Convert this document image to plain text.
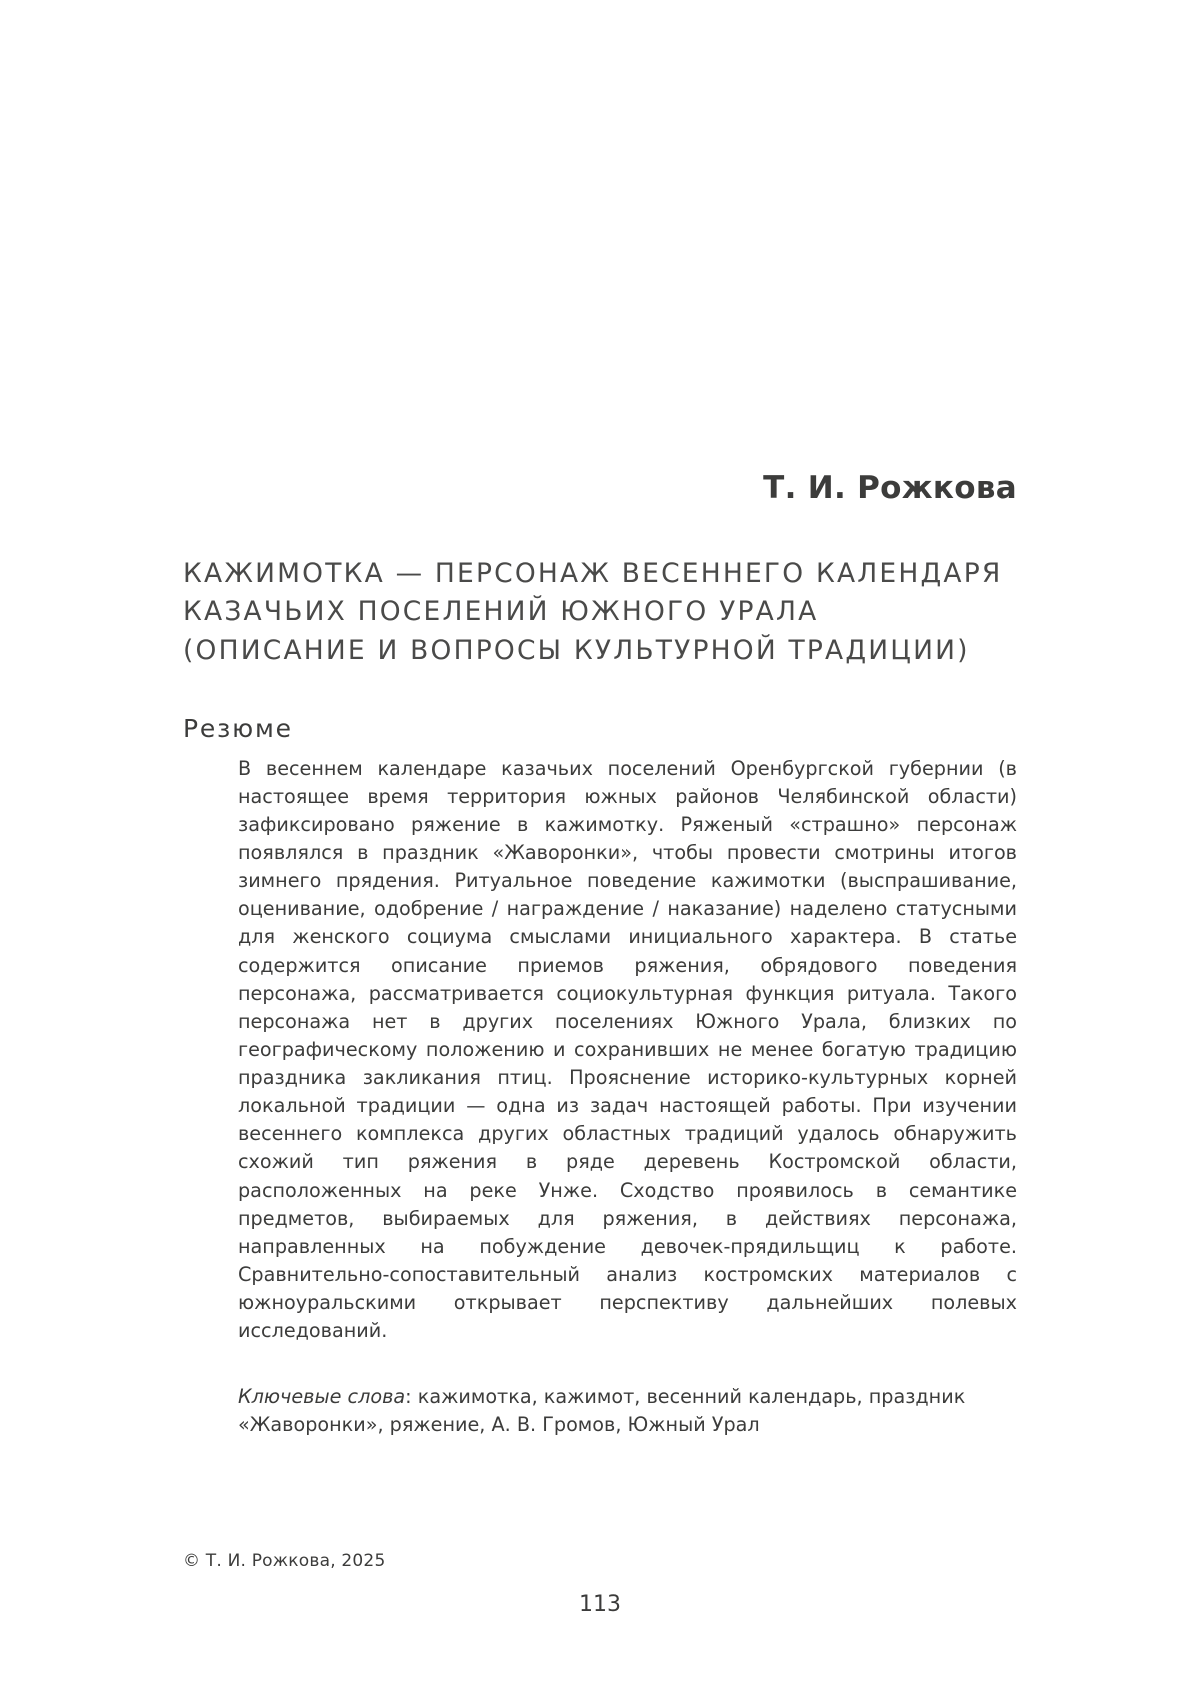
Т. И. Рожкова
КАЖИМОТКА — ПЕРСОНАЖ ВЕСЕННЕГО КАЛЕНДАРЯ
КАЗАЧЬИХ ПОСЕЛЕНИЙ ЮЖНОГО УРАЛА
(ОПИСАНИЕ И ВОПРОСЫ КУЛЬТУРНОЙ ТРАДИЦИИ)
Резюме

В весеннем календаре казачьих поселений Оренбургской губернии (в настоящее время территория южных районов Челябинской области) зафиксировано ряжение в кажимотку. Ряженый «страшно» персонаж появлялся в праздник «Жаворонки», чтобы провести смотрины итогов зимнего прядения. Ритуальное поведение кажимотки (выспрашивание, оценивание, одобрение / награждение / наказание) наделено статусными для женского социума смыслами инициального характера. В статье содержится описание приемов ряжения, обрядового поведения персонажа, рассматривается социокультурная функция ритуала. Такого персонажа нет в других поселениях Южного Урала, близких по географическому положению и сохранивших не менее богатую традицию праздника закликания птиц. Прояснение историко-культурных корней локальной традиции — одна из задач настоящей работы. При изучении весеннего комплекса других областных традиций удалось обнаружить схожий тип ряжения в ряде деревень Костромской области, расположенных на реке Унже. Сходство проявилось в семантике предметов, выбираемых для ряжения, в действиях персонажа, направленных на побуждение девочек-прядильщиц к работе. Сравнительно-сопоставительный анализ костромских материалов с южноуральскими открывает перспективу дальнейших полевых исследований.

Ключевые слова: кажимотка, кажимот, весенний календарь, праздник «Жаворонки», ряжение, А. В. Громов, Южный Урал

© Т. И. Рожкова, 2025
113
